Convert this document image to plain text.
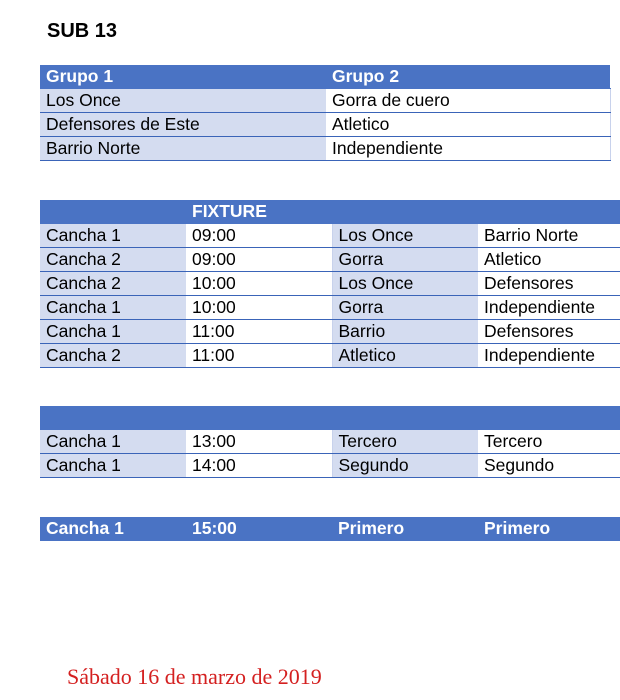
SUB 13
Grupo 1	Grupo 2
Los Once	Gorra de cuero
Defensores de Este	Atletico
Barrio Norte	Independiente
	FIXTURE		
Cancha 1	09:00	Los Once	Barrio Norte
Cancha 2	09:00	Gorra	Atletico
Cancha 2	10:00	Los Once	Defensores
Cancha 1	10:00	Gorra	Independiente
Cancha 1	11:00	Barrio	Defensores
Cancha 2	11:00	Atletico	Independiente

Cancha 1	13:00	Tercero	Tercero
Cancha 1	14:00	Segundo	Segundo
Cancha 1	15:00	Primero	Primero
Sábado 16 de marzo de 2019
